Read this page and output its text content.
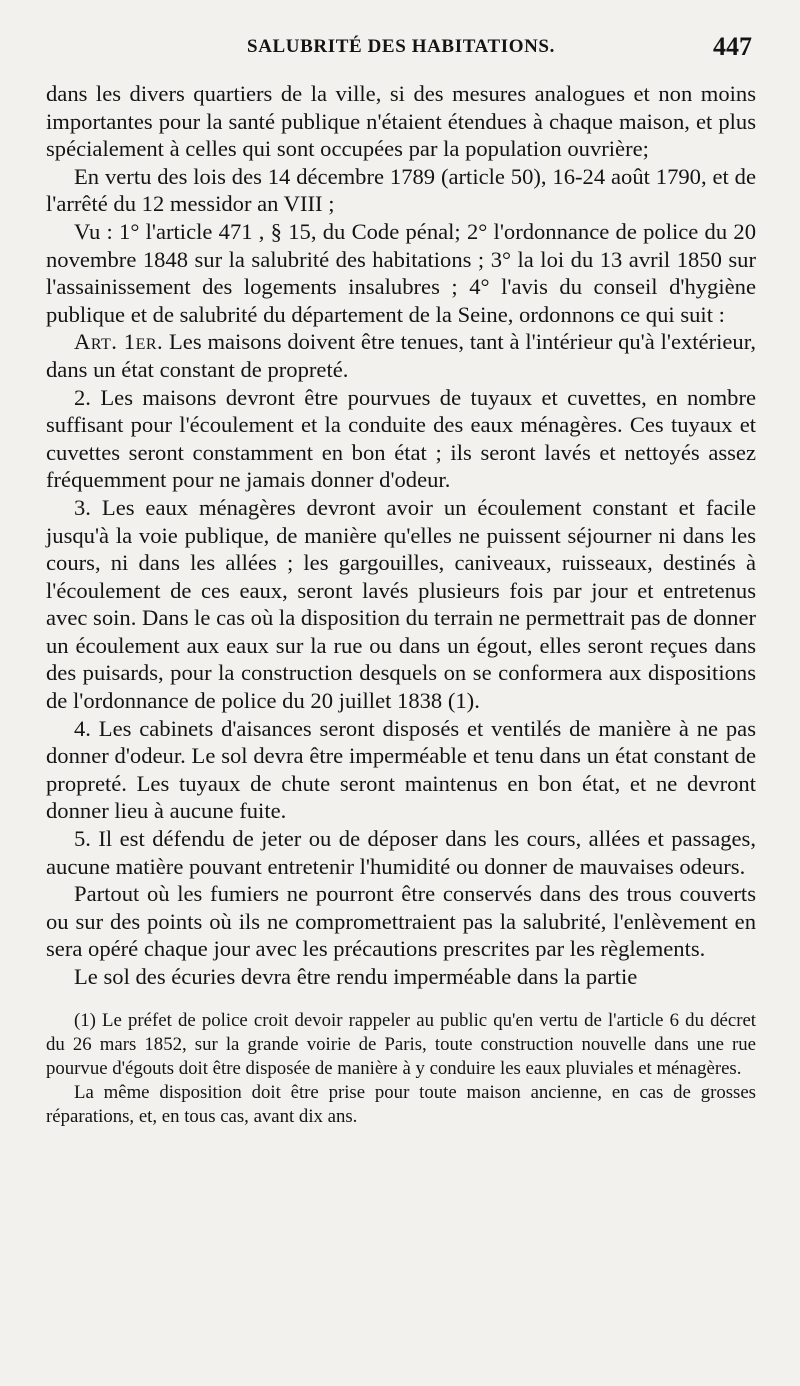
SALUBRITÉ DES HABITATIONS.	447

dans les divers quartiers de la ville, si des mesures analogues et non moins importantes pour la santé publique n'étaient étendues à chaque maison, et plus spécialement à celles qui sont occupées par la population ouvrière;

En vertu des lois des 14 décembre 1789 (article 50), 16-24 août 1790, et de l'arrêté du 12 messidor an VIII ;

Vu : 1° l'article 471 , § 15, du Code pénal; 2° l'ordonnance de police du 20 novembre 1848 sur la salubrité des habitations ; 3° la loi du 13 avril 1850 sur l'assainissement des logements insalubres ; 4° l'avis du conseil d'hygiène publique et de salubrité du département de la Seine, ordonnons ce qui suit :

Art. 1er. Les maisons doivent être tenues, tant à l'intérieur qu'à l'extérieur, dans un état constant de propreté.

2. Les maisons devront être pourvues de tuyaux et cuvettes, en nombre suffisant pour l'écoulement et la conduite des eaux ménagères. Ces tuyaux et cuvettes seront constamment en bon état ; ils seront lavés et nettoyés assez fréquemment pour ne jamais donner d'odeur.

3. Les eaux ménagères devront avoir un écoulement constant et facile jusqu'à la voie publique, de manière qu'elles ne puissent séjourner ni dans les cours, ni dans les allées ; les gargouilles, caniveaux, ruisseaux, destinés à l'écoulement de ces eaux, seront lavés plusieurs fois par jour et entretenus avec soin. Dans le cas où la disposition du terrain ne permettrait pas de donner un écoulement aux eaux sur la rue ou dans un égout, elles seront reçues dans des puisards, pour la construction desquels on se conformera aux dispositions de l'ordonnance de police du 20 juillet 1838 (1).

4. Les cabinets d'aisances seront disposés et ventilés de manière à ne pas donner d'odeur. Le sol devra être imperméable et tenu dans un état constant de propreté. Les tuyaux de chute seront maintenus en bon état, et ne devront donner lieu à aucune fuite.

5. Il est défendu de jeter ou de déposer dans les cours, allées et passages, aucune matière pouvant entretenir l'humidité ou donner de mauvaises odeurs.

Partout où les fumiers ne pourront être conservés dans des trous couverts ou sur des points où ils ne compromettraient pas la salubrité, l'enlèvement en sera opéré chaque jour avec les précautions prescrites par les règlements.

Le sol des écuries devra être rendu imperméable dans la partie

(1) Le préfet de police croit devoir rappeler au public qu'en vertu de l'article 6 du décret du 26 mars 1852, sur la grande voirie de Paris, toute construction nouvelle dans une rue pourvue d'égouts doit être disposée de manière à y conduire les eaux pluviales et ménagères.

La même disposition doit être prise pour toute maison ancienne, en cas de grosses réparations, et, en tous cas, avant dix ans.
